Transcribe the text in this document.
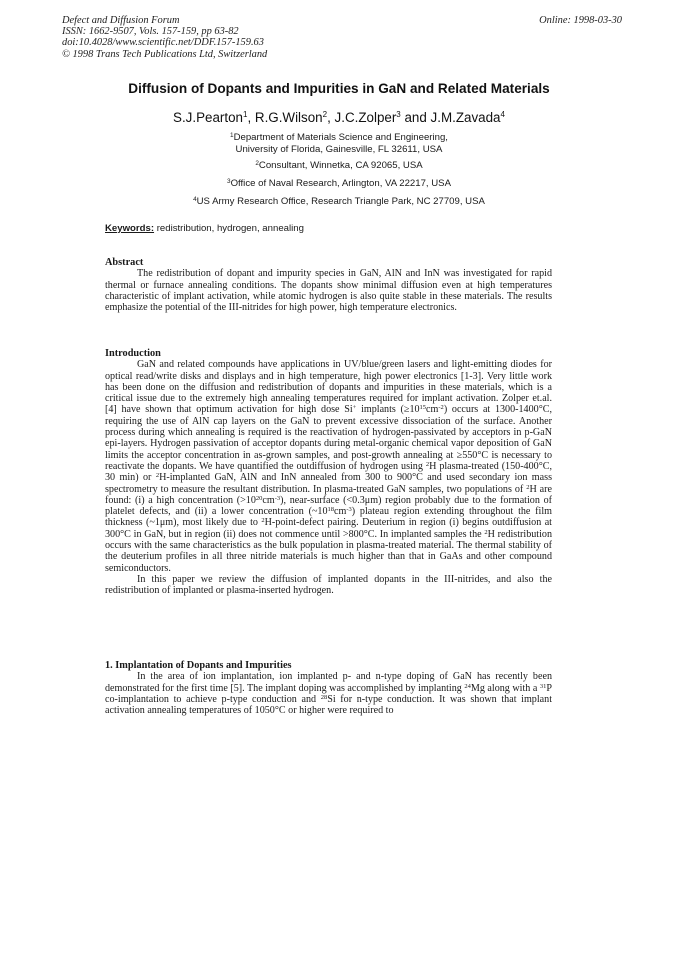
Defect and Diffusion Forum
ISSN: 1662-9507, Vols. 157-159, pp 63-82
doi:10.4028/www.scientific.net/DDF.157-159.63
© 1998 Trans Tech Publications Ltd, Switzerland
Online: 1998-03-30
Diffusion of Dopants and Impurities in GaN and Related Materials
S.J.Pearton$^1$, R.G.Wilson$^2$, J.C.Zolper$^3$ and J.M.Zavada$^4$
$^1$Department of Materials Science and Engineering,
University of Florida, Gainesville, FL 32611, USA
$^2$Consultant, Winnetka, CA 92065, USA
$^3$Office of Naval Research, Arlington, VA 22217, USA
$^4$US Army Research Office, Research Triangle Park, NC 27709, USA
Keywords: redistribution, hydrogen, annealing
Abstract

The redistribution of dopant and impurity species in GaN, AlN and InN was investigated for rapid thermal or furnace annealing conditions. The dopants show minimal diffusion even at high temperatures characteristic of implant activation, while atomic hydrogen is also quite stable in these materials. The results emphasize the potential of the III-nitrides for high power, high temperature electronics.

Introduction

GaN and related compounds have applications in UV/blue/green lasers and light-emitting diodes for optical read/write disks and displays and in high temperature, high power electronics [1-3]. Very little work has been done on the diffusion and redistribution of dopants and impurities in these materials, which is a critical issue due to the extremely high annealing temperatures required for implant activation. Zolper et.al. [4] have shown that optimum activation for high dose Si+ implants $(\ge 10^{15}cm^{-2})$ occurs at 1300-1400°C, requiring the use of AlN cap layers on the GaN to prevent excessive dissociation of the surface. Another process during which annealing is required is the reactivation of hydrogen-passivated by acceptors in p-GaN epi-layers. Hydrogen passivation of acceptor dopants during metal-organic chemical vapor deposition of GaN limits the acceptor concentration in as-grown samples, and post-growth annealing at ≥550°C is necessary to reactivate the dopants. We have quantified the outdiffusion of hydrogen using $^2$H plasma-treated (150-400°C, 30 min) or $^2$H-implanted GaN, AlN and InN annealed from 300 to 900°C and used secondary ion mass spectrometry to measure the resultant distribution. In plasma-treated GaN samples, two populations of $^2$H are found: (i) a high concentration $(>10^{20}cm^{-3})$, near-surface (<0.3μm) region probably due to the formation of platelet defects, and (ii) a lower concentration $(\sim 10^{18}cm^{-3})$ plateau region extending throughout the film thickness (~1μm), most likely due to $^2$H-point-defect pairing. Deuterium in region (i) begins outdiffusion at 300°C in GaN, but in region (ii) does not commence until >800°C. In implanted samples the $^2$H redistribution occurs with the same characteristics as the bulk population in plasma-treated material. The thermal stability of the deuterium profiles in all three nitride materials is much higher than that in GaAs and other compound semiconductors.

In this paper we review the diffusion of implanted dopants in the III-nitrides, and also the redistribution of implanted or plasma-inserted hydrogen.

1. Implantation of Dopants and Impurities

In the area of ion implantation, ion implanted p- and n-type doping of GaN has recently been demonstrated for the first time [5]. The implant doping was accomplished by implanting $^{24}$Mg along with a $^{31}$P co-implantation to achieve p-type conduction and $^{28}$Si for n-type conduction. It was shown that implant activation annealing temperatures of 1050°C or higher were required to
